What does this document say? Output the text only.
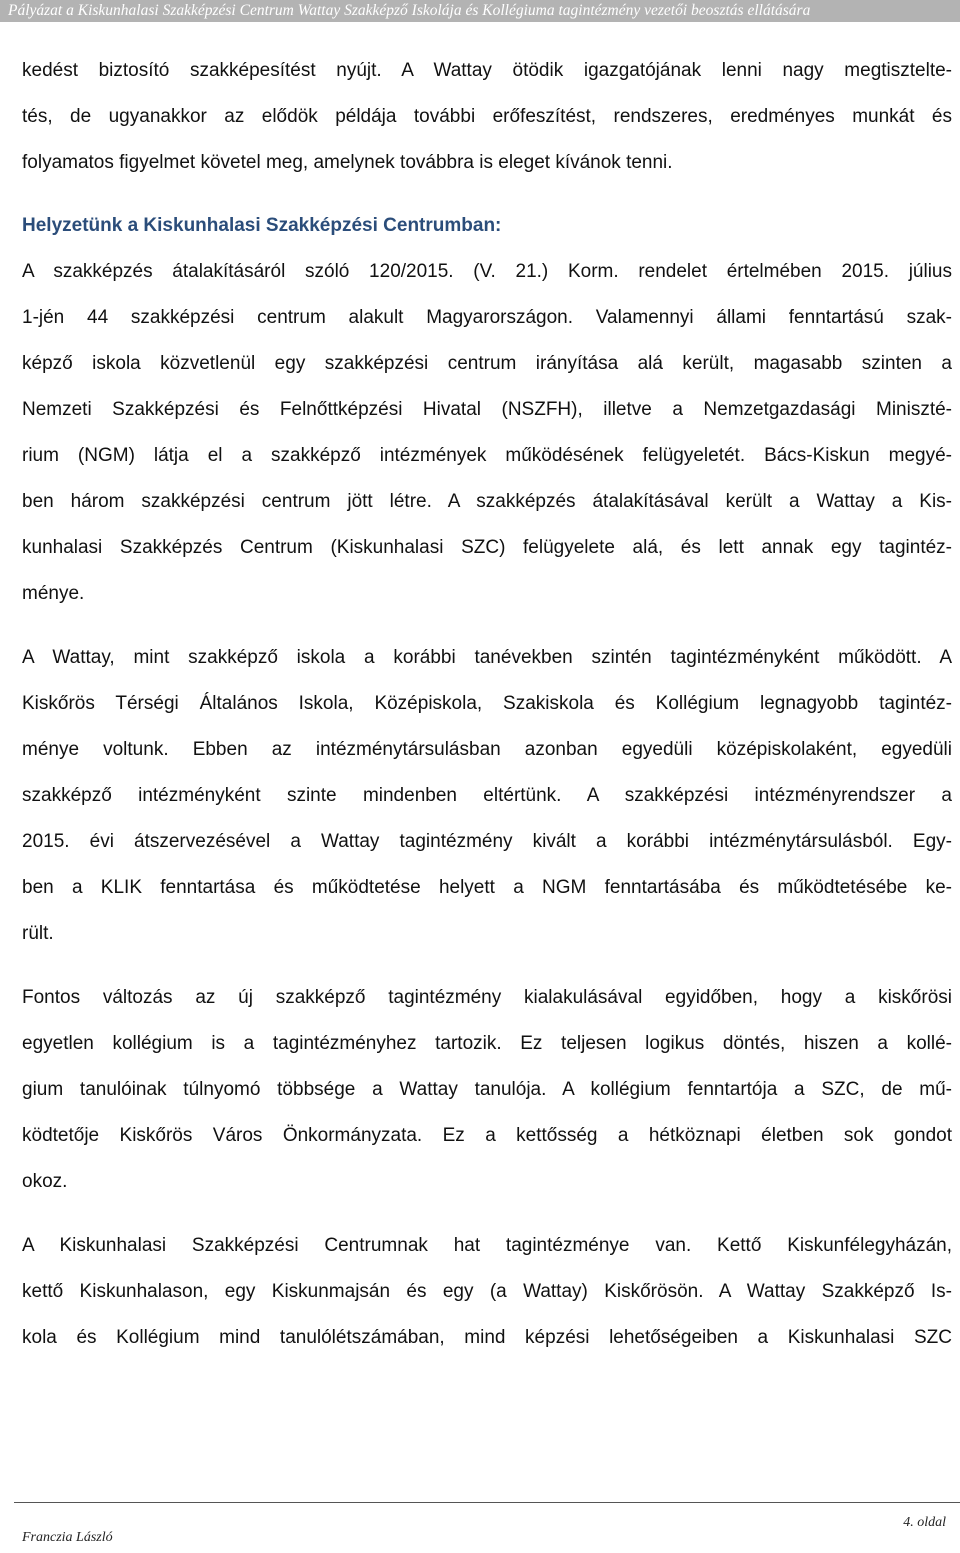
Pályázat a Kiskunhalasi Szakképzési Centrum Wattay Szakképző Iskolája és Kollégiuma tagintézmény vezetői beosztás ellátására
kedést biztosító szakképesítést nyújt. A Wattay ötödik igazgatójának lenni nagy megtisztelte-
tés, de ugyanakkor az elődök példája további erőfeszítést, rendszeres, eredményes munkát és
folyamatos figyelmet követel meg, amelynek továbbra is eleget kívánok tenni.
Helyzetünk a Kiskunhalasi Szakképzési Centrumban:
A szakképzés átalakításáról szóló 120/2015. (V. 21.) Korm. rendelet értelmében 2015. július
1-jén 44 szakképzési centrum alakult Magyarországon. Valamennyi állami fenntartású szak-
képző iskola közvetlenül egy szakképzési centrum irányítása alá került, magasabb szinten a
Nemzeti Szakképzési és Felnőttképzési Hivatal (NSZFH), illetve a Nemzetgazdasági Miniszté-
rium (NGM) látja el a szakképző intézmények működésének felügyeletét. Bács-Kiskun megyé-
ben három szakképzési centrum jött létre. A szakképzés átalakításával került a Wattay a Kis-
kunhalasi Szakképzés Centrum (Kiskunhalasi SZC) felügyelete alá, és lett annak egy tagintéz-
ménye.
A Wattay, mint szakképző iskola a korábbi tanévekben szintén tagintézményként működött. A
Kiskőrös Térségi Általános Iskola, Középiskola, Szakiskola és Kollégium legnagyobb tagintéz-
ménye voltunk. Ebben az intézménytársulásban azonban egyedüli középiskolaként, egyedüli
szakképző intézményként szinte mindenben eltértünk. A szakképzési intézményrendszer a
2015. évi átszervezésével a Wattay tagintézmény kivált a korábbi intézménytársulásból. Egy-
ben a KLIK fenntartása és működtetése helyett a NGM fenntartásába és működtetésébe ke-
rült.
Fontos változás az új szakképző tagintézmény kialakulásával egyidőben, hogy a kiskőrösi
egyetlen kollégium is a tagintézményhez tartozik. Ez teljesen logikus döntés, hiszen a kollé-
gium tanulóinak túlnyomó többsége a Wattay tanulója. A kollégium fenntartója a SZC, de mű-
ködtetője Kiskőrös Város Önkormányzata. Ez a kettősség a hétköznapi életben sok gondot
okoz.
A Kiskunhalasi Szakképzési Centrumnak hat tagintézménye van. Kettő Kiskunfélegyházán,
kettő Kiskunhalason, egy Kiskunmajsán és egy (a Wattay) Kiskőrösön. A Wattay Szakképző Is-
kola és Kollégium mind tanulólétszámában, mind képzési lehetőségeiben a Kiskunhalasi SZC
4. oldal
Franczia László
